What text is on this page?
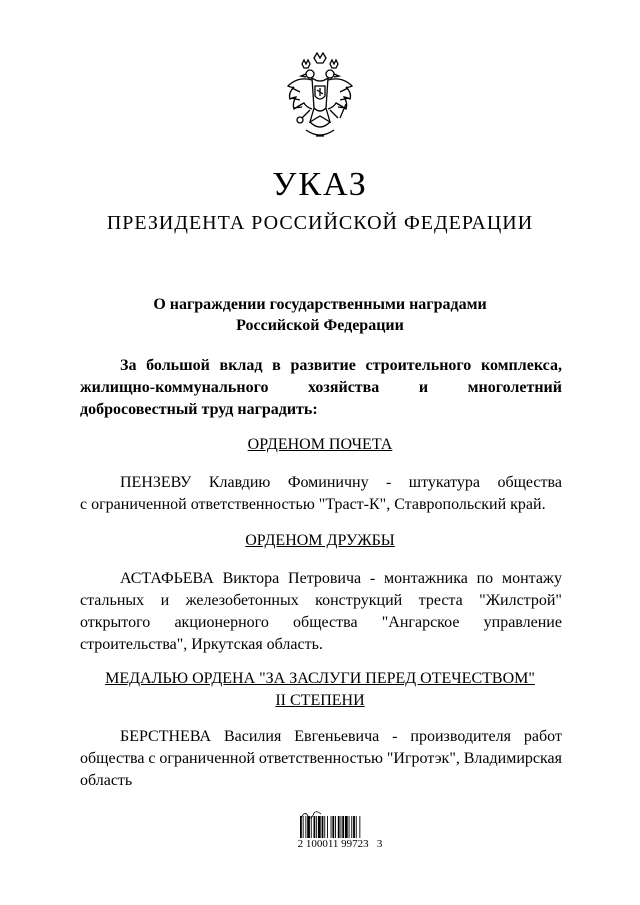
УКАЗ
ПРЕЗИДЕНТА РОССИЙСКОЙ ФЕДЕРАЦИИ
О награждении государственными наградами
Российской Федерации
За большой вклад в развитие строительного комплекса,
жилищно-коммунального хозяйства и многолетний
добросовестный труд наградить:
ОРДЕНОМ ПОЧЕТА
ПЕНЗЕВУ Клавдию Фоминичну - штукатура общества
с ограниченной ответственностью "Траст-К", Ставропольский край.
ОРДЕНОМ ДРУЖБЫ
АСТАФЬЕВА Виктора Петровича - монтажника по монтажу
стальных и железобетонных конструкций треста "Жилстрой"
открытого акционерного общества "Ангарское управление
строительства", Иркутская область.
МЕДАЛЬЮ ОРДЕНА "ЗА ЗАСЛУГИ ПЕРЕД ОТЕЧЕСТВОМ"
II СТЕПЕНИ
БЕРСТНЕВА Василия Евгеньевича - производителя работ
общества с ограниченной ответственностью "Игротэк", Владимирская
область
2 100011 99723   3
